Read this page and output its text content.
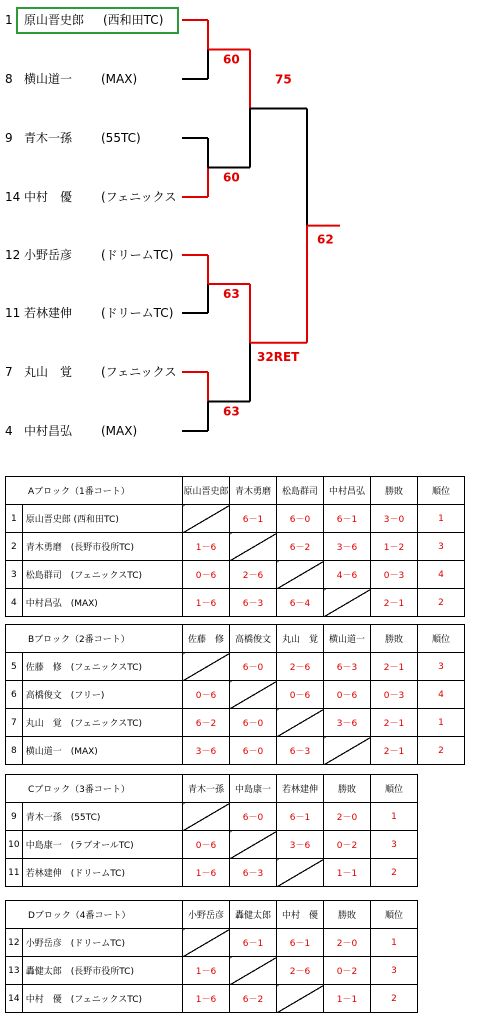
1 原山晋史郎 (西和田TC)
8 横山道一 (MAX)
9 青木一孫 (55TC)
14 中村　優 (フェニックス
12 小野岳彦 (ドリームTC)
11 若林建伸 (ドリームTC)
7 丸山　覚 (フェニックス
4 中村昌弘 (MAX)
60
60
63
63
75
32RET
62
Aブロック（1番コート）		原山晋史郎	青木勇磨	松島群司	中村昌弘	勝敗	順位
1	原山晋史郎 (西和田TC)		6－1	6－0	6－1	3－0	1
2	青木勇磨　(長野市役所TC)	1－6		6－2	3－6	1－2	3
3	松島群司　(フェニックスTC)	0－6	2－6		4－6	0－3	4
4	中村昌弘　(MAX)	1－6	6－3	6－4		2－1	2
Bブロック（2番コート）		佐藤　修	高橋俊文	丸山　覚	横山道一	勝敗	順位
5	佐藤　修　(フェニックスTC)		6－0	2－6	6－3	2－1	3
6	高橋俊文　(フリー)	0－6		0－6	0－6	0－3	4
7	丸山　覚　(フェニックスTC)	6－2	6－0		3－6	2－1	1
8	横山道一　(MAX)	3－6	6－0	6－3		2－1	2
Cブロック（3番コート）		青木一孫	中島康一	若林建伸	勝敗	順位
9	青木一孫　(55TC)		6－0	6－1	2－0	1
10	中島康一　(ラブオールTC)	0－6		3－6	0－2	3
11	若林建伸　(ドリームTC)	1－6	6－3		1－1	2
Dブロック（4番コート）		小野岳彦	轟健太郎	中村　優	勝敗	順位
12	小野岳彦　(ドリームTC)		6－1	6－1	2－0	1
13	轟健太郎　(長野市役所TC)	1－6		2－6	0－2	3
14	中村　優　(フェニックスTC)	1－6	6－2		1－1	2
